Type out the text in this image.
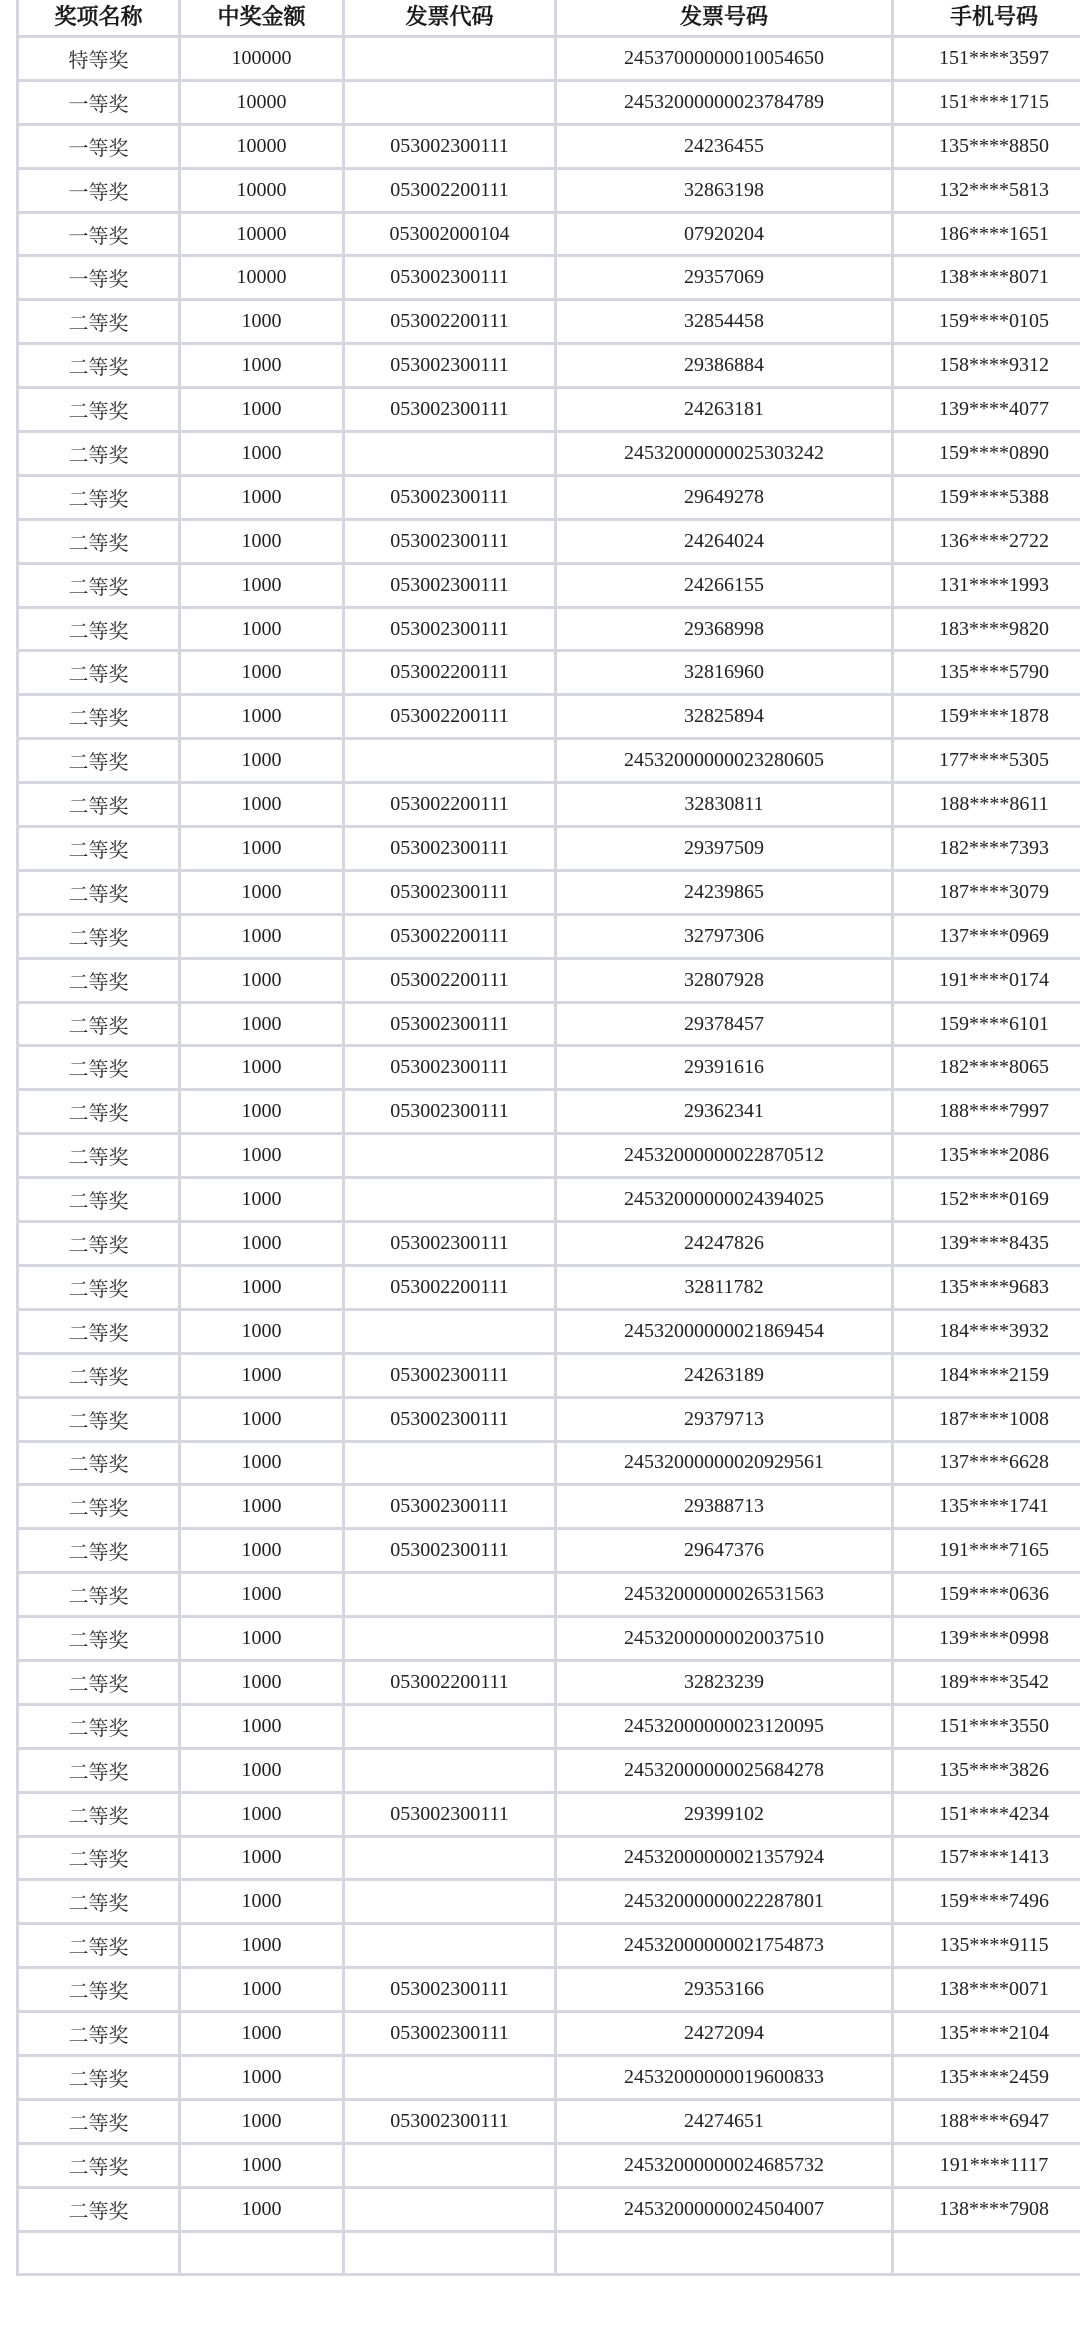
奖项名称	中奖金额	发票代码	发票号码	手机号码
特等奖	100000		24537000000010054650	151****3597
一等奖	10000		24532000000023784789	151****1715
一等奖	10000	053002300111	24236455	135****8850
一等奖	10000	053002200111	32863198	132****5813
一等奖	10000	053002000104	07920204	186****1651
一等奖	10000	053002300111	29357069	138****8071
二等奖	1000	053002200111	32854458	159****0105
二等奖	1000	053002300111	29386884	158****9312
二等奖	1000	053002300111	24263181	139****4077
二等奖	1000		24532000000025303242	159****0890
二等奖	1000	053002300111	29649278	159****5388
二等奖	1000	053002300111	24264024	136****2722
二等奖	1000	053002300111	24266155	131****1993
二等奖	1000	053002300111	29368998	183****9820
二等奖	1000	053002200111	32816960	135****5790
二等奖	1000	053002200111	32825894	159****1878
二等奖	1000		24532000000023280605	177****5305
二等奖	1000	053002200111	32830811	188****8611
二等奖	1000	053002300111	29397509	182****7393
二等奖	1000	053002300111	24239865	187****3079
二等奖	1000	053002200111	32797306	137****0969
二等奖	1000	053002200111	32807928	191****0174
二等奖	1000	053002300111	29378457	159****6101
二等奖	1000	053002300111	29391616	182****8065
二等奖	1000	053002300111	29362341	188****7997
二等奖	1000		24532000000022870512	135****2086
二等奖	1000		24532000000024394025	152****0169
二等奖	1000	053002300111	24247826	139****8435
二等奖	1000	053002200111	32811782	135****9683
二等奖	1000		24532000000021869454	184****3932
二等奖	1000	053002300111	24263189	184****2159
二等奖	1000	053002300111	29379713	187****1008
二等奖	1000		24532000000020929561	137****6628
二等奖	1000	053002300111	29388713	135****1741
二等奖	1000	053002300111	29647376	191****7165
二等奖	1000		24532000000026531563	159****0636
二等奖	1000		24532000000020037510	139****0998
二等奖	1000	053002200111	32823239	189****3542
二等奖	1000		24532000000023120095	151****3550
二等奖	1000		24532000000025684278	135****3826
二等奖	1000	053002300111	29399102	151****4234
二等奖	1000		24532000000021357924	157****1413
二等奖	1000		24532000000022287801	159****7496
二等奖	1000		24532000000021754873	135****9115
二等奖	1000	053002300111	29353166	138****0071
二等奖	1000	053002300111	24272094	135****2104
二等奖	1000		24532000000019600833	135****2459
二等奖	1000	053002300111	24274651	188****6947
二等奖	1000		24532000000024685732	191****1117
二等奖	1000		24532000000024504007	138****7908
